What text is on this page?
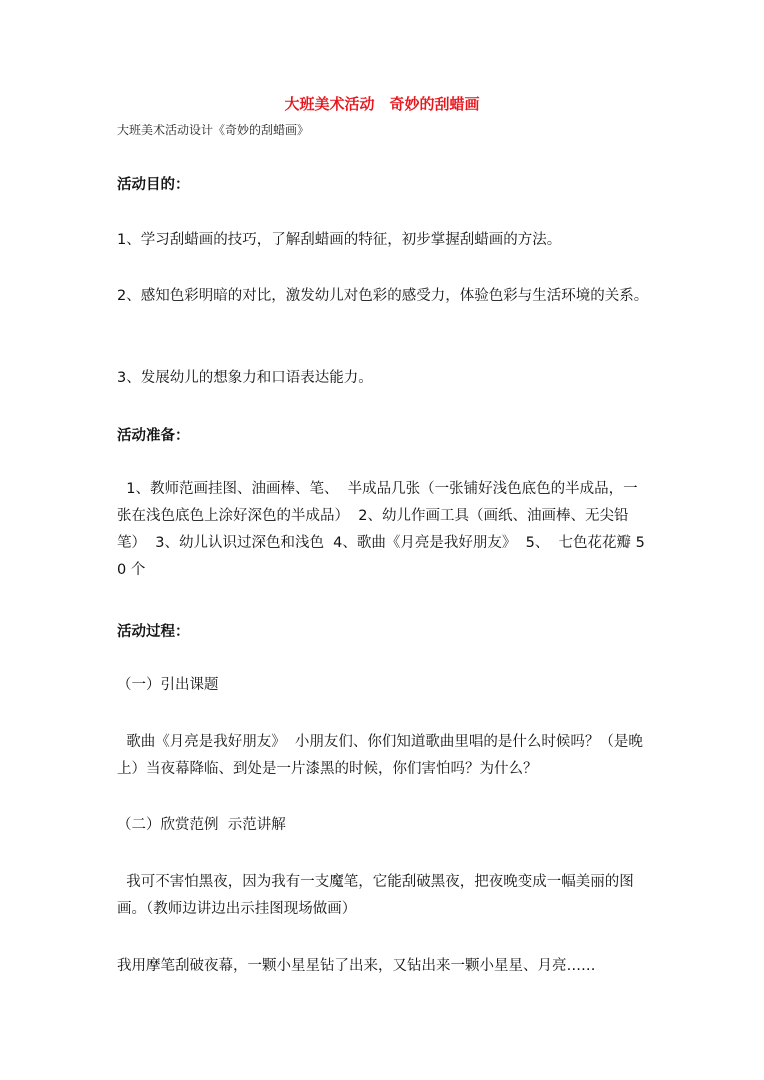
大班美术活动　奇妙的刮蜡画
大班美术活动设计《奇妙的刮蜡画》
活动目的：
1、学习刮蜡画的技巧，了解刮蜡画的特征，初步掌握刮蜡画的方法。
2、感知色彩明暗的对比，激发幼儿对色彩的感受力，体验色彩与生活环境的关系。
3、发展幼儿的想象力和口语表达能力。
活动准备：
1、教师范画挂图、油画棒、笔、  半成品几张（一张铺好浅色底色的半成品，一张在浅色底色上涂好深色的半成品）  2、幼儿作画工具（画纸、油画棒、无尖铅笔）  3、幼儿认识过深色和浅色  4、歌曲《月亮是我好朋友》  5、  七色花花瓣 50 个
活动过程：
（一）引出课题
歌曲《月亮是我好朋友》  小朋友们、你们知道歌曲里唱的是什么时候吗？（是晚上）当夜幕降临、到处是一片漆黑的时候，你们害怕吗？为什么？
（二）欣赏范例  示范讲解
我可不害怕黑夜，因为我有一支魔笔，它能刮破黑夜，把夜晚变成一幅美丽的图画。（教师边讲边出示挂图现场做画）
我用摩笔刮破夜幕，一颗小星星钻了出来，又钻出来一颗小星星、月亮……
